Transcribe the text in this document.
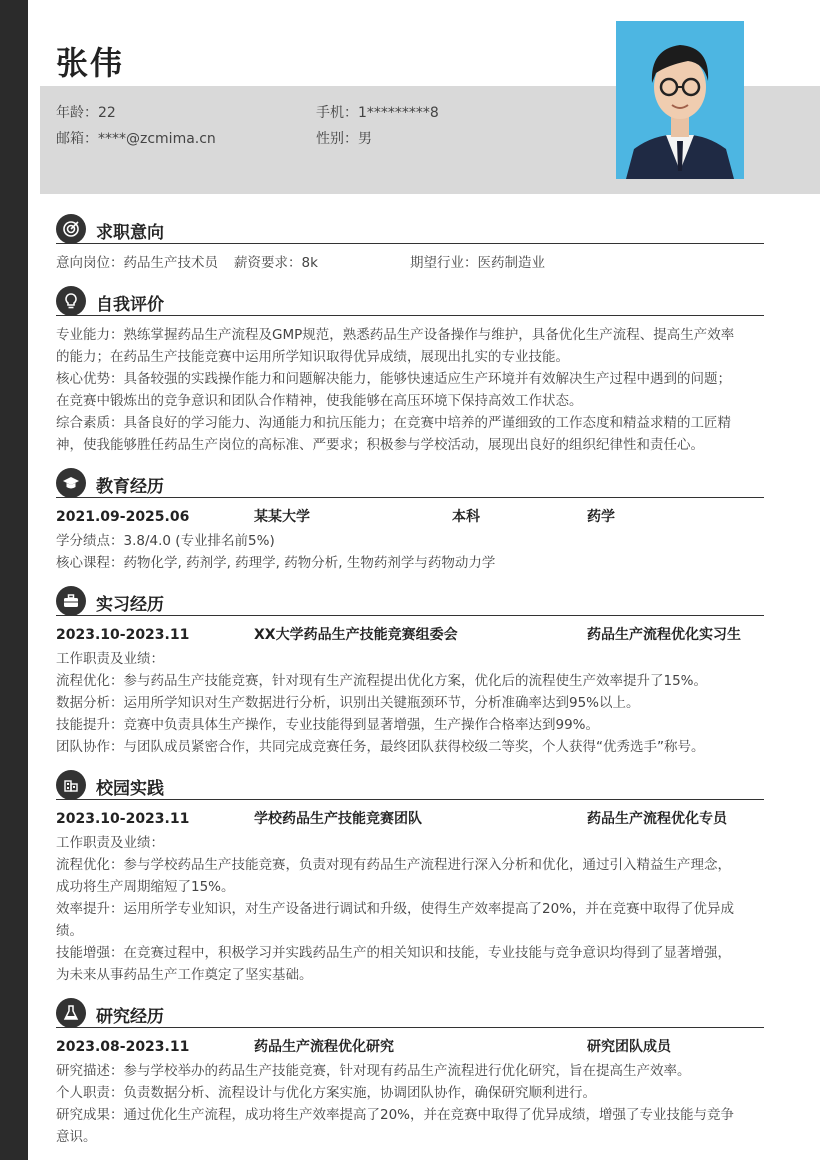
张伟
年龄：22	手机：1*********8
邮箱：****@zcmima.cn	性别：男
求职意向
意向岗位：药品生产技术员	薪资要求：8k	期望行业：医药制造业
自我评价
专业能力：熟练掌握药品生产流程及GMP规范，熟悉药品生产设备操作与维护，具备优化生产流程、提高生产效率
的能力；在药品生产技能竞赛中运用所学知识取得优异成绩，展现出扎实的专业技能。
核心优势：具备较强的实践操作能力和问题解决能力，能够快速适应生产环境并有效解决生产过程中遇到的问题；
在竞赛中锻炼出的竞争意识和团队合作精神，使我能够在高压环境下保持高效工作状态。
综合素质：具备良好的学习能力、沟通能力和抗压能力；在竞赛中培养的严谨细致的工作态度和精益求精的工匠精
神，使我能够胜任药品生产岗位的高标准、严要求；积极参与学校活动，展现出良好的组织纪律性和责任心。
教育经历
2021.09-2025.06	某某大学	本科	药学
学分绩点：3.8/4.0 (专业排名前5%)
核心课程：药物化学, 药剂学, 药理学, 药物分析, 生物药剂学与药物动力学
实习经历
2023.10-2023.11	XX大学药品生产技能竞赛组委会	药品生产流程优化实习生
工作职责及业绩：
流程优化：参与药品生产技能竞赛，针对现有生产流程提出优化方案，优化后的流程使生产效率提升了15%。
数据分析：运用所学知识对生产数据进行分析，识别出关键瓶颈环节，分析准确率达到95%以上。
技能提升：竞赛中负责具体生产操作，专业技能得到显著增强，生产操作合格率达到99%。
团队协作：与团队成员紧密合作，共同完成竞赛任务，最终团队获得校级二等奖，个人获得“优秀选手”称号。
校园实践
2023.10-2023.11	学校药品生产技能竞赛团队	药品生产流程优化专员
工作职责及业绩：
流程优化：参与学校药品生产技能竞赛，负责对现有药品生产流程进行深入分析和优化，通过引入精益生产理念，
成功将生产周期缩短了15%。
效率提升：运用所学专业知识，对生产设备进行调试和升级，使得生产效率提高了20%，并在竞赛中取得了优异成
绩。
技能增强：在竞赛过程中，积极学习并实践药品生产的相关知识和技能，专业技能与竞争意识均得到了显著增强，
为未来从事药品生产工作奠定了坚实基础。
研究经历
2023.08-2023.11	药品生产流程优化研究	研究团队成员
研究描述：参与学校举办的药品生产技能竞赛，针对现有药品生产流程进行优化研究，旨在提高生产效率。
个人职责：负责数据分析、流程设计与优化方案实施，协调团队协作，确保研究顺利进行。
研究成果：通过优化生产流程，成功将生产效率提高了20%，并在竞赛中取得了优异成绩，增强了专业技能与竞争
意识。
